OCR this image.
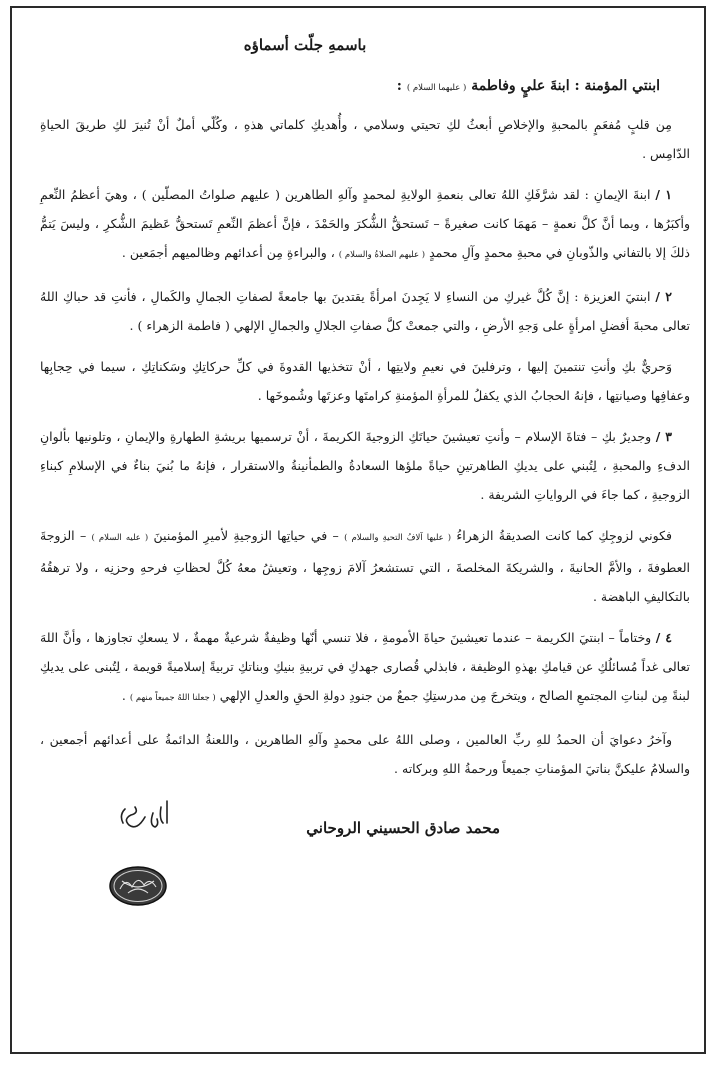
باسمهِ جلّت أسماؤه
ابنتي المؤمنة : ابنةَ عليٍ وفاطمة ( عليهما السلام ) :

مِن قلبٍ مُفعَمٍ بالمحبةِ والإخلاصِ أبعثُ لكِ تحيتي وسلامي ، وأُهديكِ كلماتي هذهِ ، وكُلّي أملٌ أنْ تُنيرَ لكِ طريقَ الحياةِ الدّامِس .

١ / ابنةَ الإيمانِ : لقد شرَّفَكِ اللهُ تعالى بنعمةِ الولايةِ لمحمدٍ وآلهِ الطاهرين ( عليهم صلواتُ المصلّين ) ، وهيَ أعظمُ النِّعمِ وأكبَرُها ، وبما أنَّ كلَّ نعمةٍ – مَهمَا كانت صغيرةً – تَستحقُّ الشُّكرَ والحَمْدَ ، فإنَّ أعظمَ النِّعمِ تَستحقُّ عَظيمَ الشُّكرِ ، وليسَ يَتمُّ ذلكَ إلا بالتفاني والذّوبانِ في محبةِ محمدٍ وآلِ محمدٍ ( عليهم الصلاةُ والسلام ) ، والبراءةِ مِن أعدائهم وظالميهم أجمَعين .

٢ / ابنتيَ العزيزة : إنَّ كُلَّ غيركِ من النساءِ لا يَجِدنَ امرأةً يقتدينَ بها جامعةً لصفاتِ الجمالِ والكَمالِ ، فأنتِ قد حباكِ اللهُ تعالى محبةَ أفضلِ امرأةٍ على وَجهِ الأرضِ ، والتي جمعتْ كلَّ صفاتِ الجلالِ والجمالِ الإلهي ( فاطمة الزهراء ) .

وَحريٌّ بكِ وأنتِ تنتمينَ إليها ، وترفلينَ في نعيمِ ولايتِها ، أنْ تتخذيها القدوةَ في كلِّ حركاتِكِ وسَكناتِكِ ، سيما في حِجابِها وعفافِها وصيانتِها ، فإنهُ الحجابُ الذي يكفلُ للمرأةِ المؤمنةِ كرامتَها وعزتَها وشُموخَها .

٣ / وجديرٌ بكِ – فتاةَ الإسلام – وأنتِ تعيشينَ حياتَكِ الزوجيةَ الكريمةَ ، أنْ ترسميها بريشةِ الطهارةِ والإيمانِ ، وتلونيها بألوانِ الدفءِ والمحبةِ ، لِتُبني على يديكِ الطاهرتينِ حياةً ملؤها السعادةُ والطمأنينةُ والاستقرار ، فإنهُ ما بُنيَ بناءٌ في الإسلامِ كبناءِ الزوجيةِ ، كما جاءَ في الرواياتِ الشريفة .

فكوني لزوجِكِ كما كانت الصديقةُ الزهراءُ ( عليها آلافُ التحيةِ والسلام ) – في حياتِها الزوجيةِ لأميرِ المؤمنينَ ( عليه السلام ) – الزوجةَ العطوفةَ ، والأمَّ الحانيةَ ، والشريكةَ المخلصةَ ، التي تستشعرُ آلامَ زوجِها ، وتعيشُ معهُ كُلَّ لحظاتِ فرحهِ وحزنِه ، ولا ترهقُهُ بالتكاليفِ الباهضة .

٤ / وختاماً – ابنتيَ الكريمة – عندما تعيشينَ حياةَ الأمومةِ ، فلا تنسي أنّها وظيفةٌ شرعيةٌ مهمةٌ ، لا يسعكِ تجاوزها ، وأنَّ اللهَ تعالى غداً مُسائلُكِ عن قيامكِ بهذهِ الوظيفة ، فابذلي قُصارى جهدكِ في تربيةِ بنيكِ وبناتكِ تربيةً إسلاميةً قويمة ، لِتُبنى على يديكِ لبنةً مِن لبناتِ المجتمعِ الصالح ، ويتخرجَ مِن مدرستِكِ جمعٌ من جنودِ دولةِ الحقِ والعدلِ الإلهي ( جعلنا اللهُ جميعاً منهم ) .

وآخرُ دعوايَ أن الحمدُ للهِ ربِّ العالمين ، وصلى اللهُ على محمدٍ وآلهِ الطاهرين ، واللعنةُ الدائمةُ على أعدائهم أجمعين ، والسلامُ عليكنَّ بناتيَ المؤمناتِ جميعاً ورحمةُ اللهِ وبركاته .

محمد صادق الحسيني الروحاني
